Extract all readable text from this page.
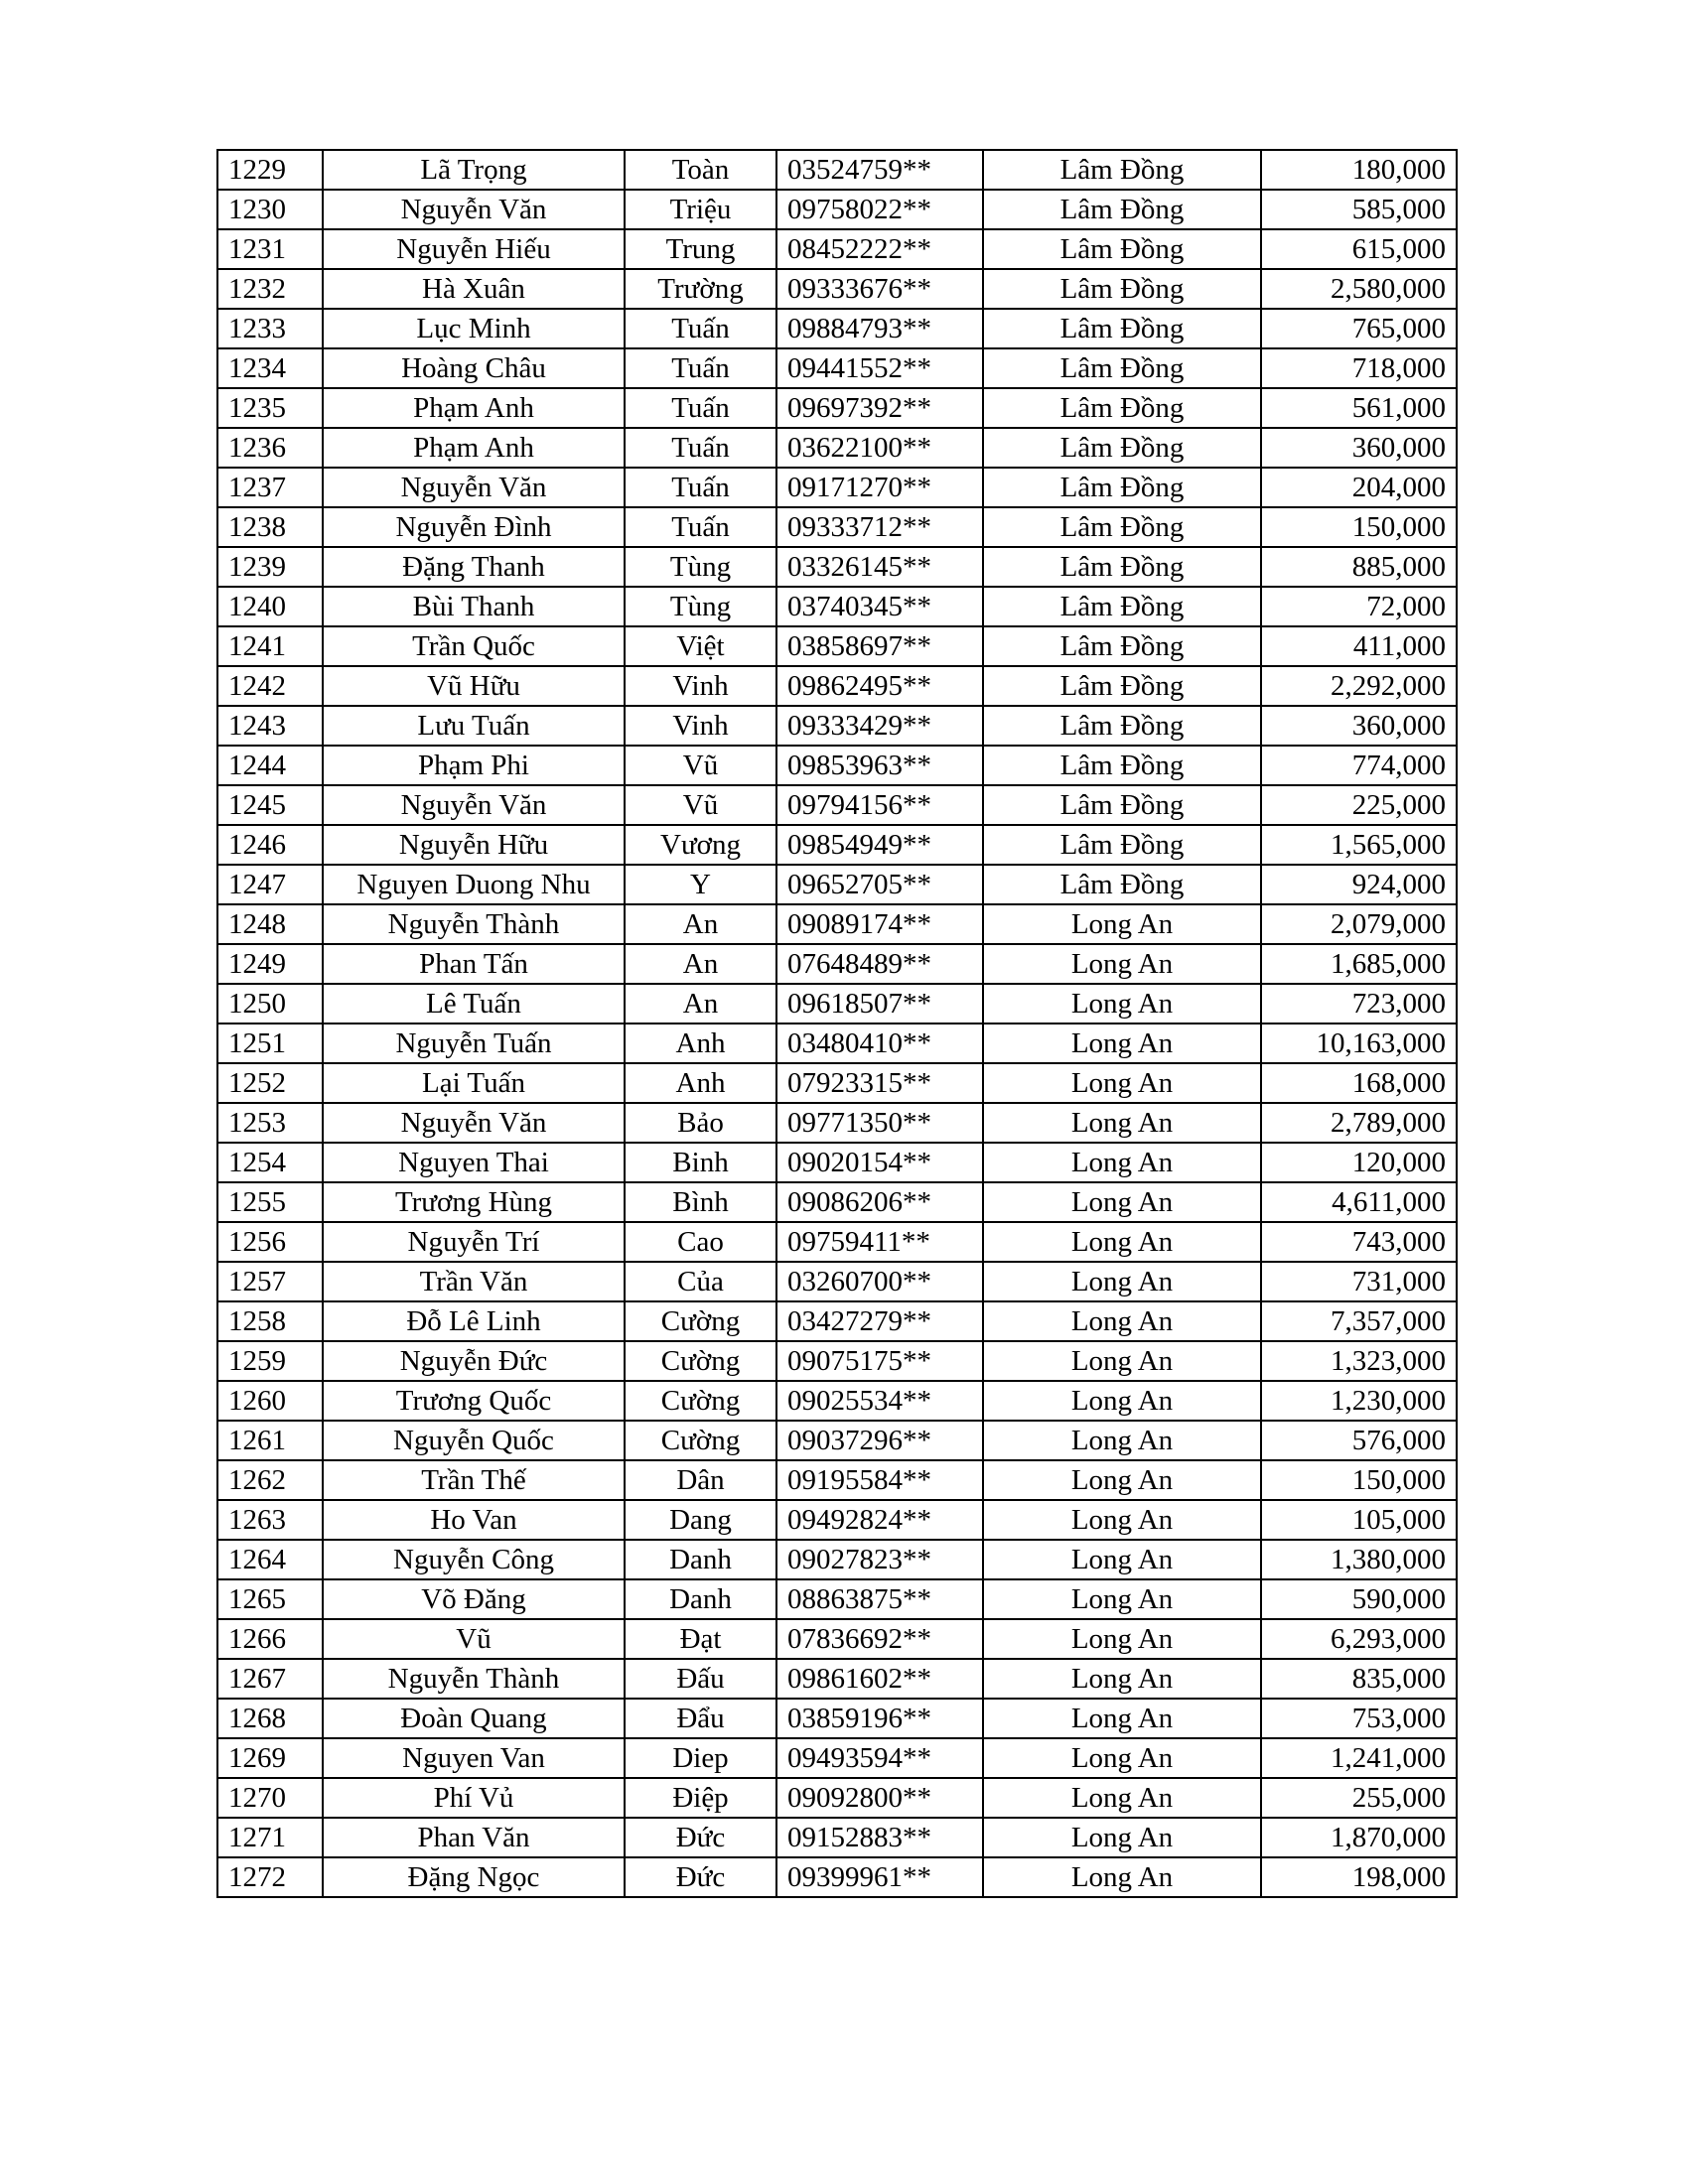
1229	Lã Trọng	Toàn	03524759**	Lâm Đồng	180,000
1230	Nguyễn Văn	Triệu	09758022**	Lâm Đồng	585,000
1231	Nguyễn Hiếu	Trung	08452222**	Lâm Đồng	615,000
1232	Hà Xuân	Trường	09333676**	Lâm Đồng	2,580,000
1233	Lục Minh	Tuấn	09884793**	Lâm Đồng	765,000
1234	Hoàng Châu	Tuấn	09441552**	Lâm Đồng	718,000
1235	Phạm Anh	Tuấn	09697392**	Lâm Đồng	561,000
1236	Phạm Anh	Tuấn	03622100**	Lâm Đồng	360,000
1237	Nguyễn Văn	Tuấn	09171270**	Lâm Đồng	204,000
1238	Nguyễn Đình	Tuấn	09333712**	Lâm Đồng	150,000
1239	Đặng Thanh	Tùng	03326145**	Lâm Đồng	885,000
1240	Bùi Thanh	Tùng	03740345**	Lâm Đồng	72,000
1241	Trần Quốc	Việt	03858697**	Lâm Đồng	411,000
1242	Vũ Hữu	Vinh	09862495**	Lâm Đồng	2,292,000
1243	Lưu Tuấn	Vinh	09333429**	Lâm Đồng	360,000
1244	Phạm Phi	Vũ	09853963**	Lâm Đồng	774,000
1245	Nguyễn Văn	Vũ	09794156**	Lâm Đồng	225,000
1246	Nguyễn Hữu	Vương	09854949**	Lâm Đồng	1,565,000
1247	Nguyen Duong Nhu	Y	09652705**	Lâm Đồng	924,000
1248	Nguyễn Thành	An	09089174**	Long An	2,079,000
1249	Phan Tấn	An	07648489**	Long An	1,685,000
1250	Lê Tuấn	An	09618507**	Long An	723,000
1251	Nguyễn Tuấn	Anh	03480410**	Long An	10,163,000
1252	Lại Tuấn	Anh	07923315**	Long An	168,000
1253	Nguyễn Văn	Bảo	09771350**	Long An	2,789,000
1254	Nguyen Thai	Binh	09020154**	Long An	120,000
1255	Trương Hùng	Bình	09086206**	Long An	4,611,000
1256	Nguyễn Trí	Cao	09759411**	Long An	743,000
1257	Trần Văn	Của	03260700**	Long An	731,000
1258	Đỗ Lê Linh	Cường	03427279**	Long An	7,357,000
1259	Nguyễn Đức	Cường	09075175**	Long An	1,323,000
1260	Trương Quốc	Cường	09025534**	Long An	1,230,000
1261	Nguyễn Quốc	Cường	09037296**	Long An	576,000
1262	Trần Thế	Dân	09195584**	Long An	150,000
1263	Ho Van	Dang	09492824**	Long An	105,000
1264	Nguyễn Công	Danh	09027823**	Long An	1,380,000
1265	Võ Đăng	Danh	08863875**	Long An	590,000
1266	Vũ	Đạt	07836692**	Long An	6,293,000
1267	Nguyễn Thành	Đấu	09861602**	Long An	835,000
1268	Đoàn Quang	Đẩu	03859196**	Long An	753,000
1269	Nguyen Van	Diep	09493594**	Long An	1,241,000
1270	Phí Vủ	Điệp	09092800**	Long An	255,000
1271	Phan Văn	Đức	09152883**	Long An	1,870,000
1272	Đặng Ngọc	Đức	09399961**	Long An	198,000
